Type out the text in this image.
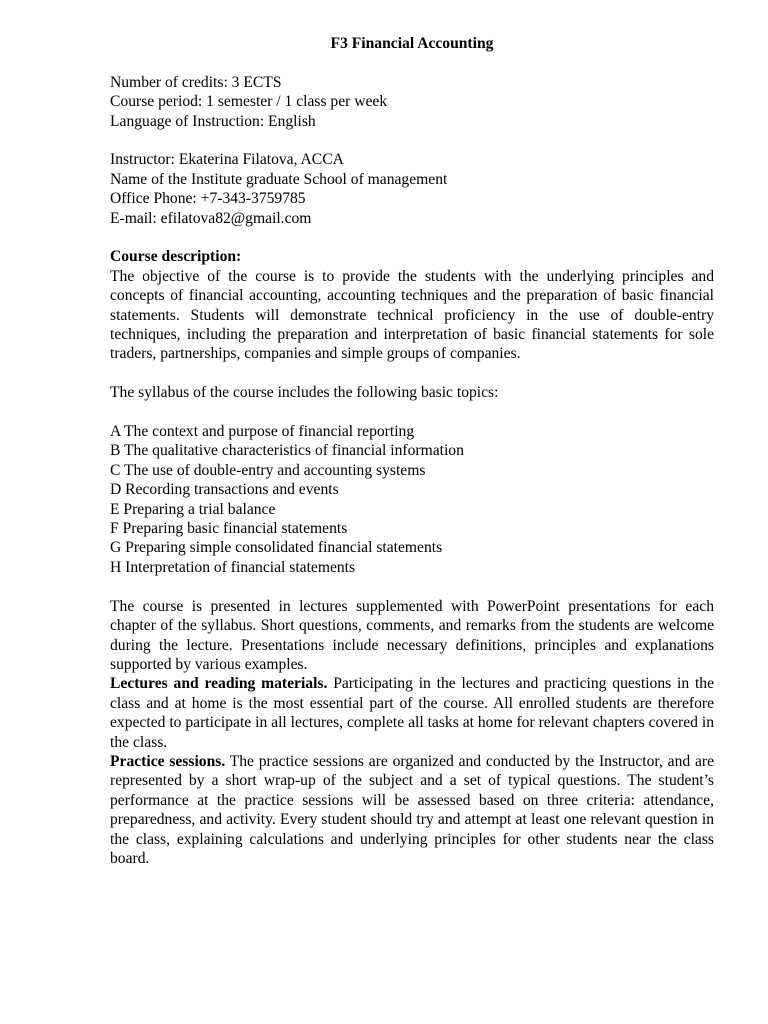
F3 Financial Accounting

Number of credits: 3 ECTS

Course period: 1 semester / 1 class per week

Language of Instruction: English

Instructor: Ekaterina Filatova, ACCA

Name of the Institute graduate School of management

Office Phone: +7-343-3759785

E-mail: efilatova82@gmail.com

Course description:

The objective of the course is to provide the students with the underlying principles and concepts of financial accounting, accounting techniques and the preparation of basic financial statements. Students will demonstrate technical proficiency in the use of double-entry techniques, including the preparation and interpretation of basic financial statements for sole traders, partnerships, companies and simple groups of companies.

The syllabus of the course includes the following basic topics:

A The context and purpose of financial reporting

B The qualitative characteristics of financial information

C The use of double-entry and accounting systems

D Recording transactions and events

E Preparing a trial balance

F Preparing basic financial statements

G Preparing simple consolidated financial statements

H Interpretation of financial statements

The course is presented in lectures supplemented with PowerPoint presentations for each chapter of the syllabus. Short questions, comments, and remarks from the students are welcome during the lecture. Presentations include necessary definitions, principles and explanations supported by various examples.

Lectures and reading materials. Participating in the lectures and practicing questions in the class and at home is the most essential part of the course. All enrolled students are therefore expected to participate in all lectures, complete all tasks at home for relevant chapters covered in the class.

Practice sessions. The practice sessions are organized and conducted by the Instructor, and are represented by a short wrap-up of the subject and a set of typical questions. The student’s performance at the practice sessions will be assessed based on three criteria: attendance, preparedness, and activity. Every student should try and attempt at least one relevant question in the class, explaining calculations and underlying principles for other students near the class board.
